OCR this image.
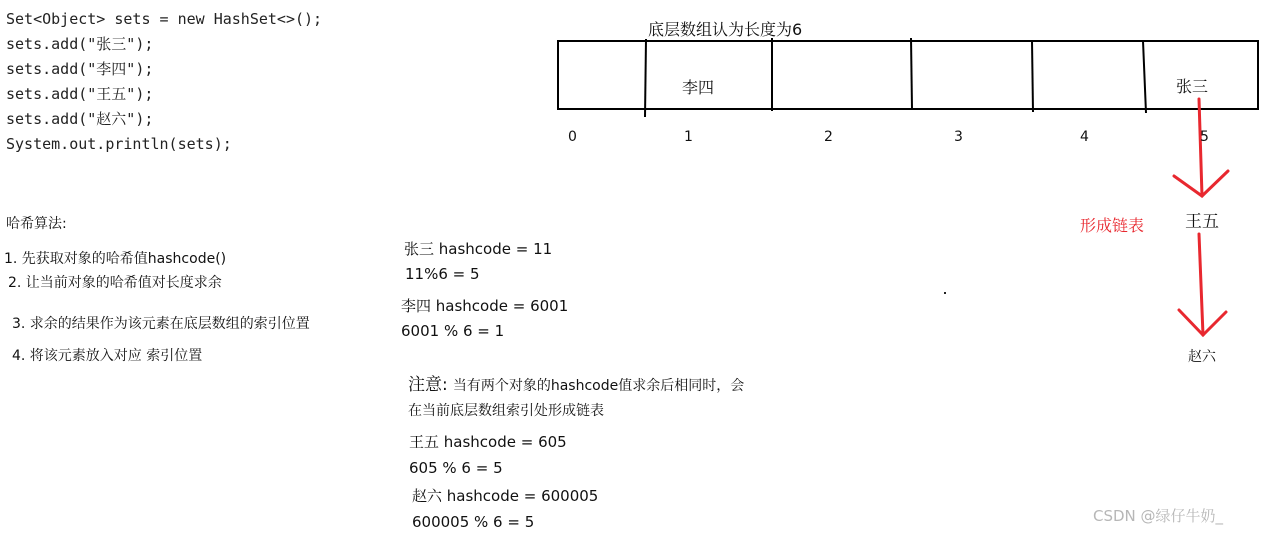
Set<Object> sets = new HashSet<>();
sets.add("张三");
sets.add("李四");
sets.add("王五");
sets.add("赵六");
System.out.println(sets);
哈希算法:
1. 先获取对象的哈希值hashcode()
2. 让当前对象的哈希值对长度求余
3. 求余的结果作为该元素在底层数组的索引位置
4. 将该元素放入对应 索引位置
底层数组认为长度为6
李四	张三
0	1	2	3	4	5
形成链表 王五
赵六
张三 hashcode = 11
11%6 = 5
李四 hashcode = 6001
6001 % 6 = 1
注意: 当有两个对象的hashcode值求余后相同时，会
在当前底层数组索引处形成链表
王五 hashcode = 605
605 % 6 = 5
赵六 hashcode = 600005
600005 % 6 = 5	CSDN @绿仔牛奶_
